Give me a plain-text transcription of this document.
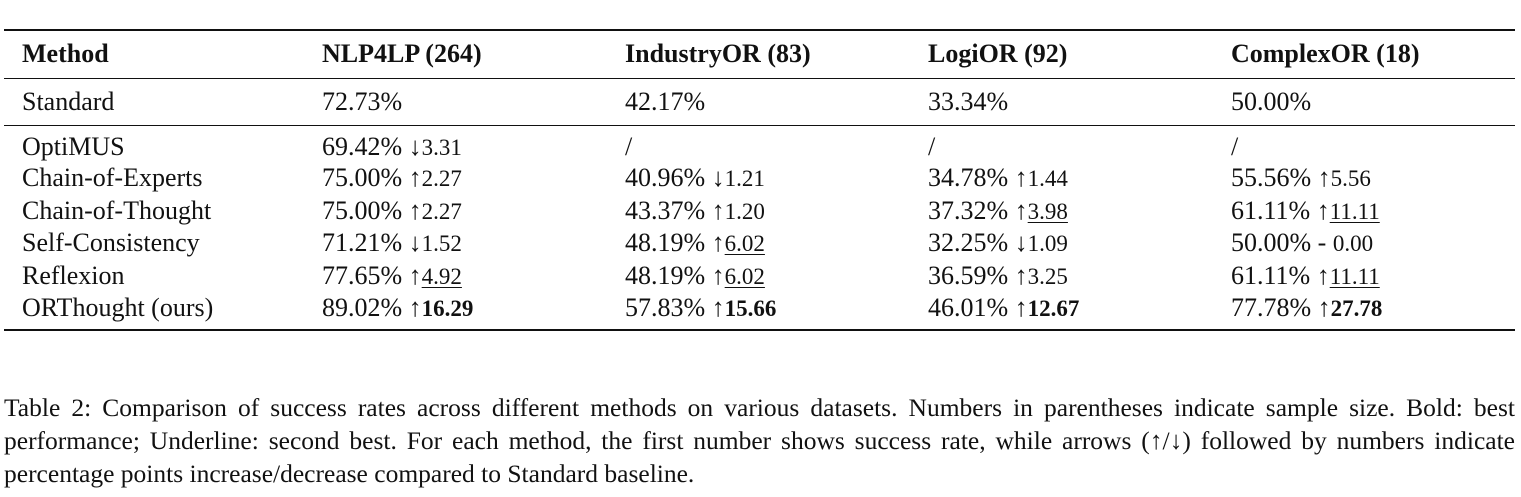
Method	NLP4LP (264)	IndustryOR (83)	LogiOR (92)	ComplexOR (18)
Standard	72.73%	42.17%	33.34%	50.00%
OptiMUS	69.42% ↓3.31	/	/	/
Chain-of-Experts	75.00% ↑2.27	40.96% ↓1.21	34.78% ↑1.44	55.56% ↑5.56
Chain-of-Thought	75.00% ↑2.27	43.37% ↑1.20	37.32% ↑3.98	61.11% ↑11.11
Self-Consistency	71.21% ↓1.52	48.19% ↑6.02	32.25% ↓1.09	50.00% - 0.00
Reflexion	77.65% ↑4.92	48.19% ↑6.02	36.59% ↑3.25	61.11% ↑11.11
ORThought (ours)	89.02% ↑16.29	57.83% ↑15.66	46.01% ↑12.67	77.78% ↑27.78

Table 2: Comparison of success rates across different methods on various datasets. Numbers in parentheses indicate sample size. Bold: best performance; Underline: second best. For each method, the first number shows success rate, while arrows (↑/↓) followed by numbers indicate percentage points increase/decrease compared to Standard baseline.
